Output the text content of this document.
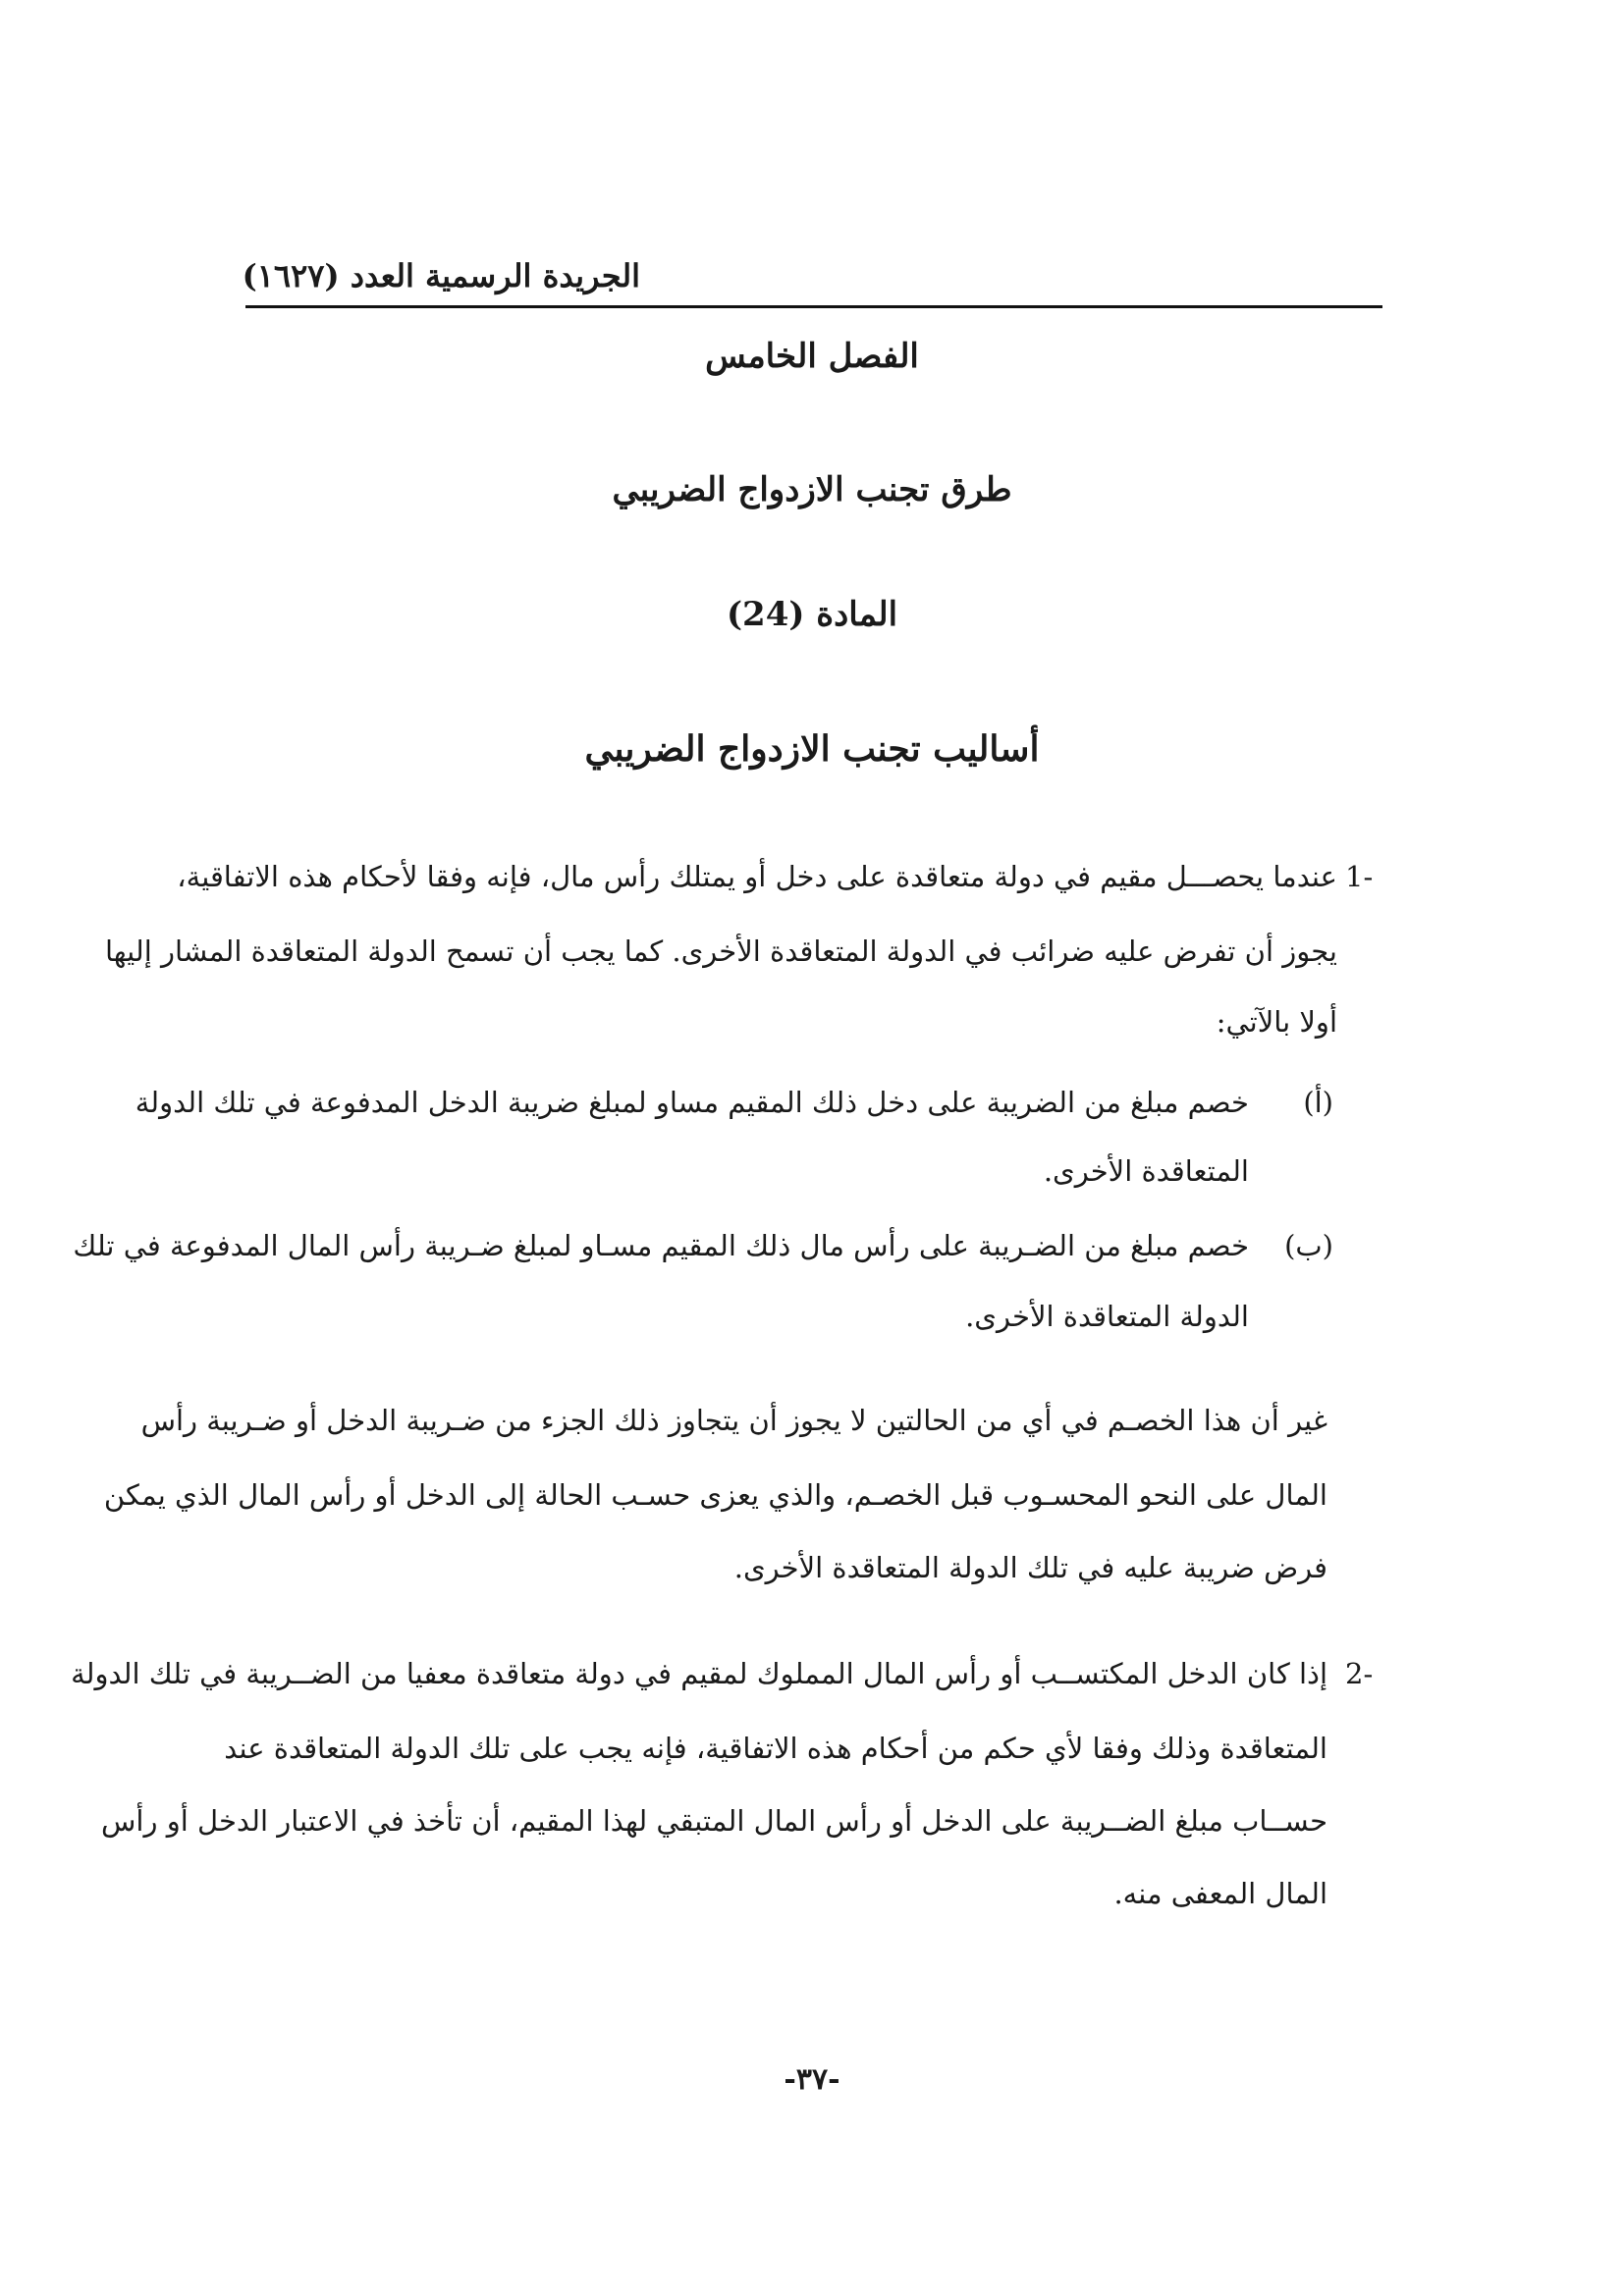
الجريدة الرسمية العدد (١٦٢٧)
الفصل الخامس
طرق تجنب الازدواج الضريبي
المادة (24)
أساليب تجنب الازدواج الضريبي
1-
عندما يحصـــل مقيم في دولة متعاقدة على دخل أو يمتلك رأس مال، فإنه وفقا لأحكام هذه الاتفاقية،
يجوز أن تفرض عليه ضرائب في الدولة المتعاقدة الأخرى. كما يجب أن تسمح الدولة المتعاقدة المشار إليها
أولا بالآتي:
(أ)
خصم مبلغ من الضريبة على دخل ذلك المقيم مساو لمبلغ ضريبة الدخل المدفوعة في تلك الدولة
المتعاقدة الأخرى.
(ب)
خصم مبلغ من الضـريبة على رأس مال ذلك المقيم مسـاو لمبلغ ضـريبة رأس المال المدفوعة في تلك
الدولة المتعاقدة الأخرى.
غير أن هذا الخصـم في أي من الحالتين لا يجوز أن يتجاوز ذلك الجزء من ضـريبة الدخل أو ضـريبة رأس
المال على النحو المحسـوب قبل الخصـم، والذي يعزى حسـب الحالة إلى الدخل أو رأس المال الذي يمكن
فرض ضريبة عليه في تلك الدولة المتعاقدة الأخرى.
2-
إذا كان الدخل المكتســب أو رأس المال المملوك لمقيم في دولة متعاقدة معفيا من الضــريبة في تلك الدولة
المتعاقدة وذلك وفقا لأي حكم من أحكام هذه الاتفاقية، فإنه يجب على تلك الدولة المتعاقدة عند
حســاب مبلغ الضــريبة على الدخل أو رأس المال المتبقي لهذا المقيم، أن تأخذ في الاعتبار الدخل أو رأس
المال المعفى منه.
-٣٧-
